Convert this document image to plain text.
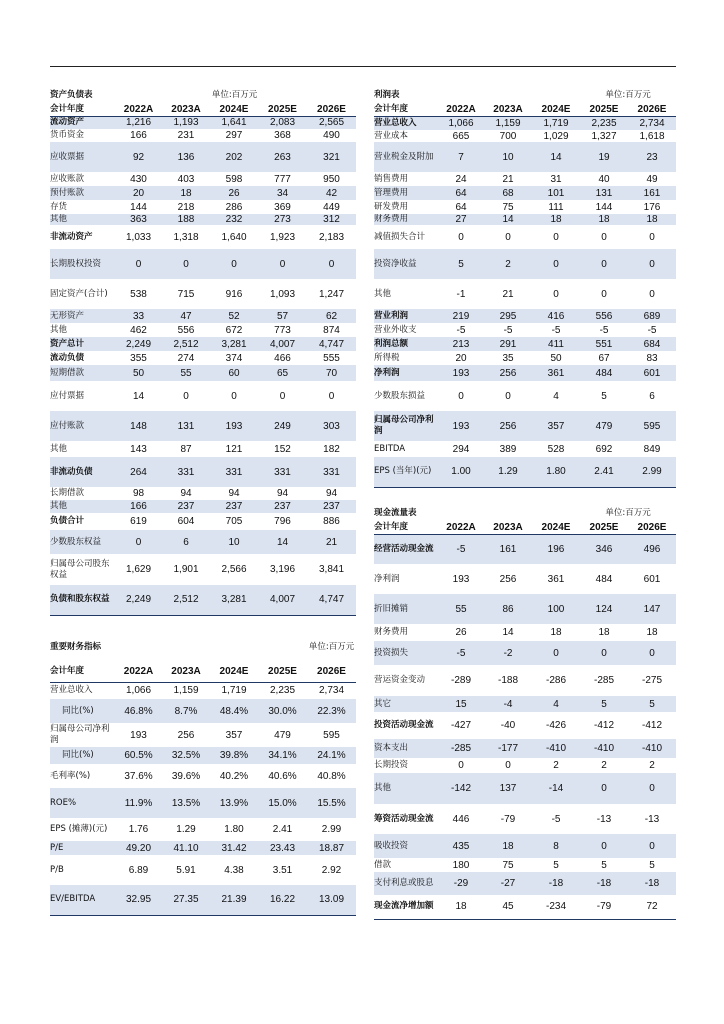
资产负债表		单位:百万元			
会计年度	2022A	2023A	2024E	2025E	2026E
流动资产	1,216	1,193	1,641	2,083	2,565
货币资金	166	231	297	368	490
应收票据	92	136	202	263	321
应收账款	430	403	598	777	950
预付账款	20	18	26	34	42
存货	144	218	286	369	449
其他	363	188	232	273	312
非流动资产	1,033	1,318	1,640	1,923	2,183
长期股权投资	0	0	0	0	0
固定资产(合计)	538	715	916	1,093	1,247
无形资产	33	47	52	57	62
其他	462	556	672	773	874
资产总计	2,249	2,512	3,281	4,007	4,747
流动负债	355	274	374	466	555
短期借款	50	55	60	65	70
应付票据	14	0	0	0	0
应付账款	148	131	193	249	303
其他	143	87	121	152	182
非流动负债	264	331	331	331	331
长期借款	98	94	94	94	94
其他	166	237	237	237	237
负债合计	619	604	705	796	886
少数股东权益	0	6	10	14	21
归属母公司股东权益	1,629	1,901	2,566	3,196	3,841
负债和股东权益	2,249	2,512	3,281	4,007	4,747
重要财务指标					单位:百万元
会计年度	2022A	2023A	2024E	2025E	2026E
营业总收入	1,066	1,159	1,719	2,235	2,734
同比(%)	46.8%	8.7%	48.4%	30.0%	22.3%
归属母公司净利润	193	256	357	479	595
同比(%)	60.5%	32.5%	39.8%	34.1%	24.1%
毛利率(%)	37.6%	39.6%	40.2%	40.6%	40.8%
ROE%	11.9%	13.5%	13.9%	15.0%	15.5%
EPS (摊薄)(元)	1.76	1.29	1.80	2.41	2.99
P/E	49.20	41.10	31.42	23.43	18.87
P/B	6.89	5.91	4.38	3.51	2.92
EV/EBITDA	32.95	27.35	21.39	16.22	13.09
利润表				单位:百万元	
会计年度	2022A	2023A	2024E	2025E	2026E
营业总收入	1,066	1,159	1,719	2,235	2,734
营业成本	665	700	1,029	1,327	1,618
营业税金及附加	7	10	14	19	23
销售费用	24	21	31	40	49
管理费用	64	68	101	131	161
研发费用	64	75	111	144	176
财务费用	27	14	18	18	18
减值损失合计	0	0	0	0	0
投资净收益	5	2	0	0	0
其他	-1	21	0	0	0
营业利润	219	295	416	556	689
营业外收支	-5	-5	-5	-5	-5
利润总额	213	291	411	551	684
所得税	20	35	50	67	83
净利润	193	256	361	484	601
少数股东损益	0	0	4	5	6
归属母公司净利润	193	256	357	479	595
EBITDA	294	389	528	692	849
EPS (当年)(元)	1.00	1.29	1.80	2.41	2.99
现金流量表				单位:百万元	
会计年度	2022A	2023A	2024E	2025E	2026E
经营活动现金流	-5	161	196	346	496
净利润	193	256	361	484	601
折旧摊销	55	86	100	124	147
财务费用	26	14	18	18	18
投资损失	-5	-2	0	0	0
营运资金变动	-289	-188	-286	-285	-275
其它	15	-4	4	5	5
投资活动现金流	-427	-40	-426	-412	-412
资本支出	-285	-177	-410	-410	-410
长期投资	0	0	2	2	2
其他	-142	137	-14	0	0
筹资活动现金流	446	-79	-5	-13	-13
吸收投资	435	18	8	0	0
借款	180	75	5	5	5
支付利息或股息	-29	-27	-18	-18	-18
现金流净增加额	18	45	-234	-79	72
